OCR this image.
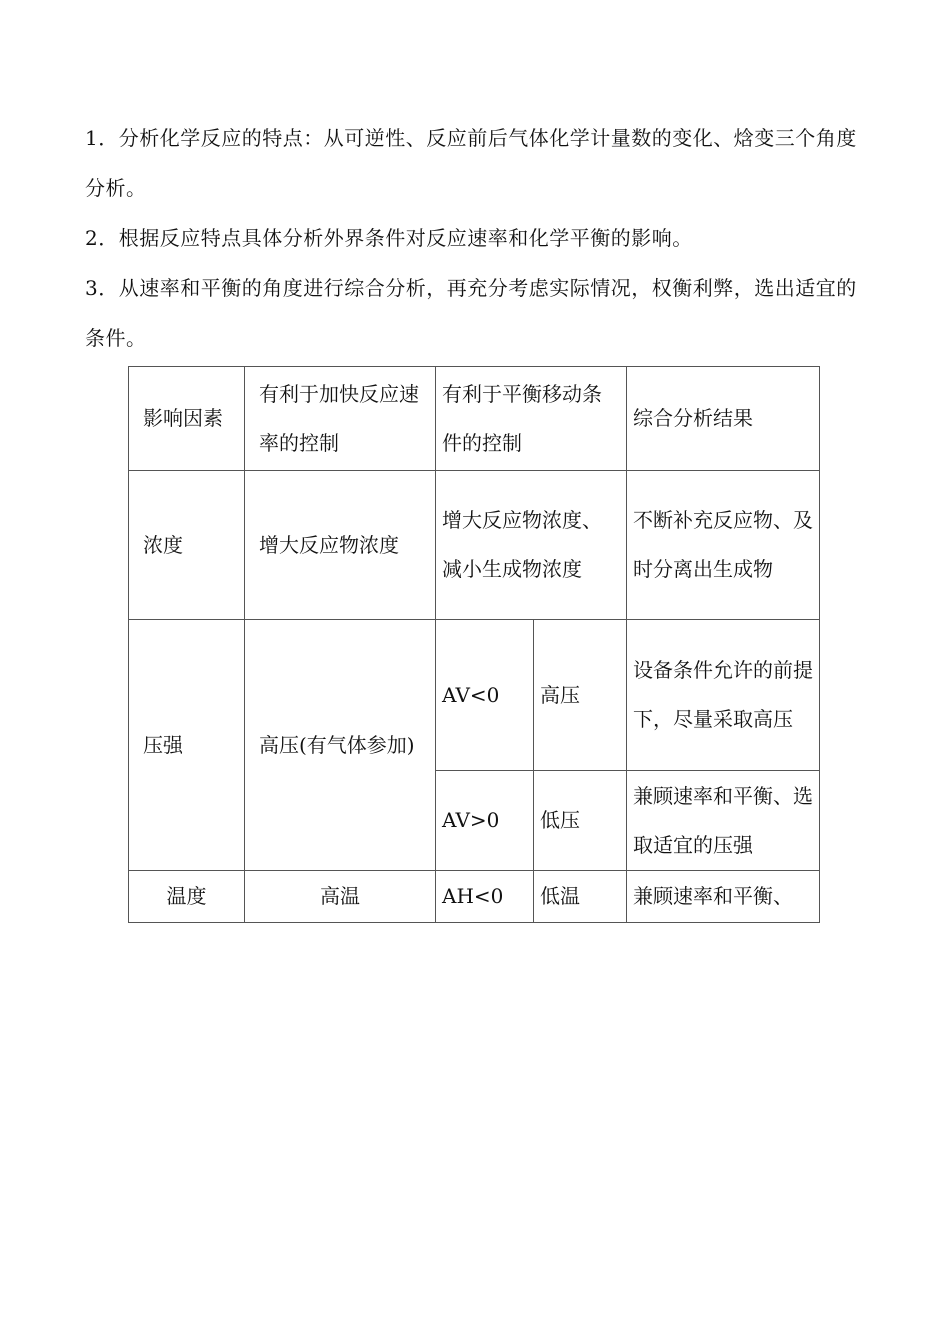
1．分析化学反应的特点：从可逆性、反应前后气体化学计量数的变化、焓变三个角度分析。

2．根据反应特点具体分析外界条件对反应速率和化学平衡的影响。

3．从速率和平衡的角度进行综合分析，再充分考虑实际情况，权衡利弊，选出适宜的条件。

影响因素	有利于加快反应速率的控制	有利于平衡移动条件的控制		综合分析结果
浓度	增大反应物浓度	增大反应物浓度、减小生成物浓度		不断补充反应物、及时分离出生成物
压强	高压(有气体参加)	AV<0	高压	设备条件允许的前提下，尽量采取高压
		AV>0	低压	兼顾速率和平衡、选取适宜的压强
温度	高温	AH<0	低温	兼顾速率和平衡、
